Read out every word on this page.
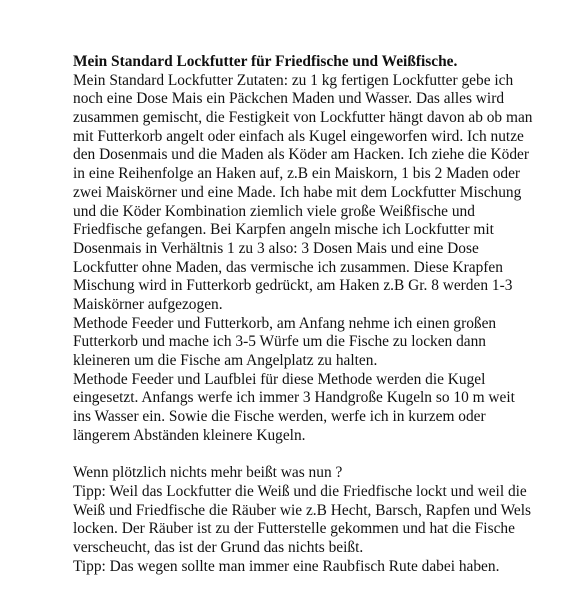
Mein Standard Lockfutter für Friedfische und Weißfische.
Mein Standard Lockfutter Zutaten: zu 1 kg fertigen Lockfutter gebe ich
noch eine Dose Mais ein Päckchen Maden und Wasser. Das alles wird
zusammen gemischt, die Festigkeit von Lockfutter hängt davon ab ob man
mit Futterkorb angelt oder einfach als Kugel eingeworfen wird. Ich nutze
den Dosenmais und die Maden als Köder am Hacken. Ich ziehe die Köder
in eine Reihenfolge an Haken auf, z.B ein Maiskorn, 1 bis 2 Maden oder
zwei Maiskörner und eine Made. Ich habe mit dem Lockfutter Mischung
und die Köder Kombination ziemlich viele große Weißfische und
Friedfische gefangen. Bei Karpfen angeln mische ich Lockfutter mit
Dosenmais in Verhältnis 1 zu 3 also: 3 Dosen Mais und eine Dose
Lockfutter ohne Maden, das vermische ich zusammen. Diese Krapfen
Mischung wird in Futterkorb gedrückt, am Haken z.B Gr. 8 werden 1-3
Maiskörner aufgezogen.
Methode Feeder und Futterkorb, am Anfang nehme ich einen großen
Futterkorb und mache ich 3-5 Würfe um die Fische zu locken dann
kleineren um die Fische am Angelplatz zu halten.
Methode Feeder und Laufblei für diese Methode werden die Kugel
eingesetzt. Anfangs werfe ich immer 3 Handgroße Kugeln so 10 m weit
ins Wasser ein. Sowie die Fische werden, werfe ich in kurzem oder
längerem Abständen kleinere Kugeln.
Wenn plötzlich nichts mehr beißt was nun ?
Tipp: Weil das Lockfutter die Weiß und die Friedfische lockt und weil die
Weiß und Friedfische die Räuber wie z.B Hecht, Barsch, Rapfen und Wels
locken. Der Räuber ist zu der Futterstelle gekommen und hat die Fische
verscheucht, das ist der Grund das nichts beißt.
Tipp: Das wegen sollte man immer eine Raubfisch Rute dabei haben.
